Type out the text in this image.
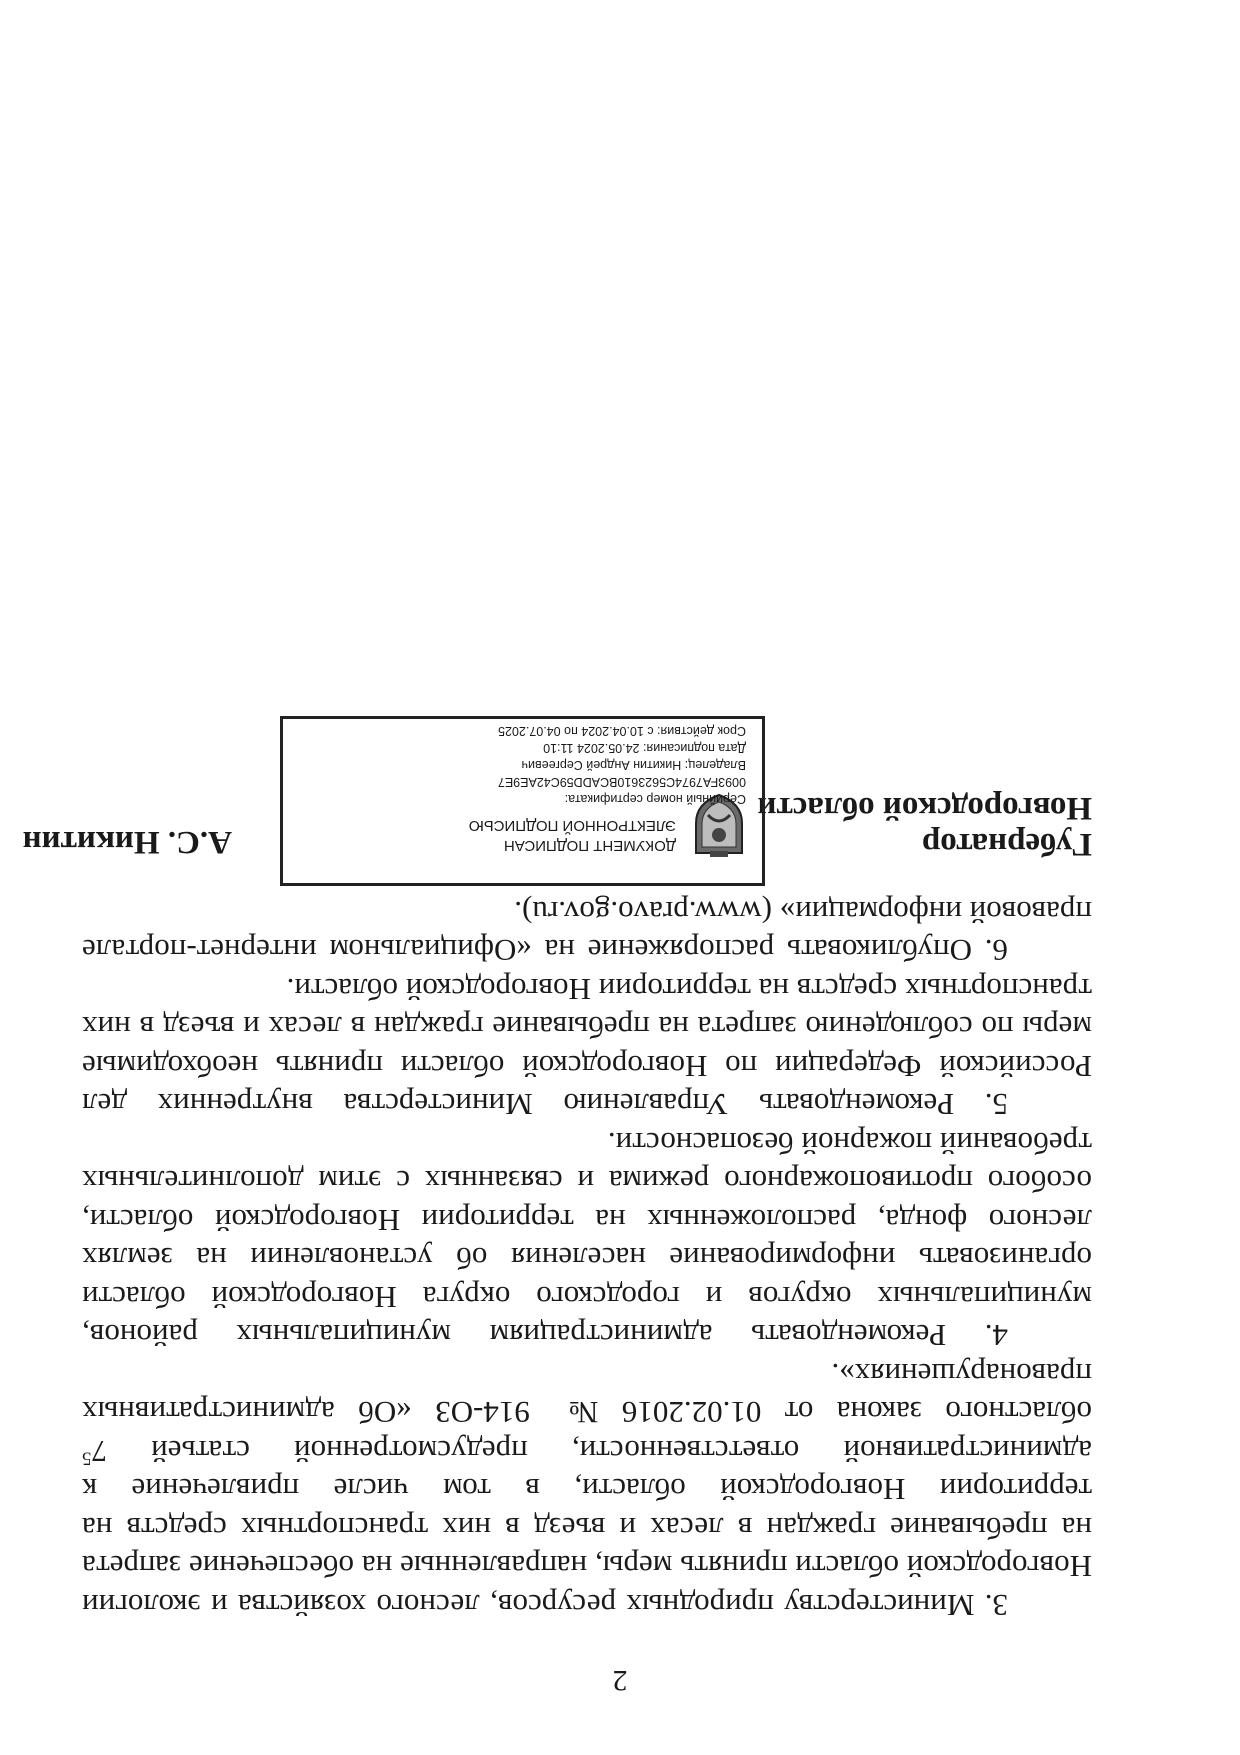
2

3. Министерству природных ресурсов, лесного хозяйства и экологии Новгородской области принять меры, направленные на обеспечение запрета на пребывание граждан в лесах и въезд в них транспортных средств на территории Новгородской области, в том числе привлечение к административной ответственности, предусмотренной статьей $7^5$ областного закона от 01.02.2016 № 914-ОЗ «Об административных правонарушениях».

4. Рекомендовать администрациям муниципальных районов, муниципальных округов и городского округа Новгородской области организовать информирование населения об установлении на землях лесного фонда, расположенных на территории Новгородской области, особого противопожарного режима и связанных с этим дополнительных требований пожарной безопасности.

5. Рекомендовать Управлению Министерства внутренних дел Российской Федерации по Новгородской области принять необходимые меры по соблюдению запрета на пребывание граждан в лесах и въезд в них транспортных средств на территории Новгородской области.

6. Опубликовать распоряжение на «Официальном интернет-портале правовой информации» (www.pravo.gov.ru).

Губернатор
Новгородской области
ДОКУМЕНТ ПОДПИСАН
ЭЛЕКТРОННОЙ ПОДПИСЬЮ
Серийный номер сертификата:
0093FA7974C5623610BCADD59C42AE9E7
Владелец: Никитин Андрей Сергеевич
Дата подписания: 24.05.2024 11:10
Срок действия: с 10.04.2024 по 04.07.2025
А.С. Никитин
